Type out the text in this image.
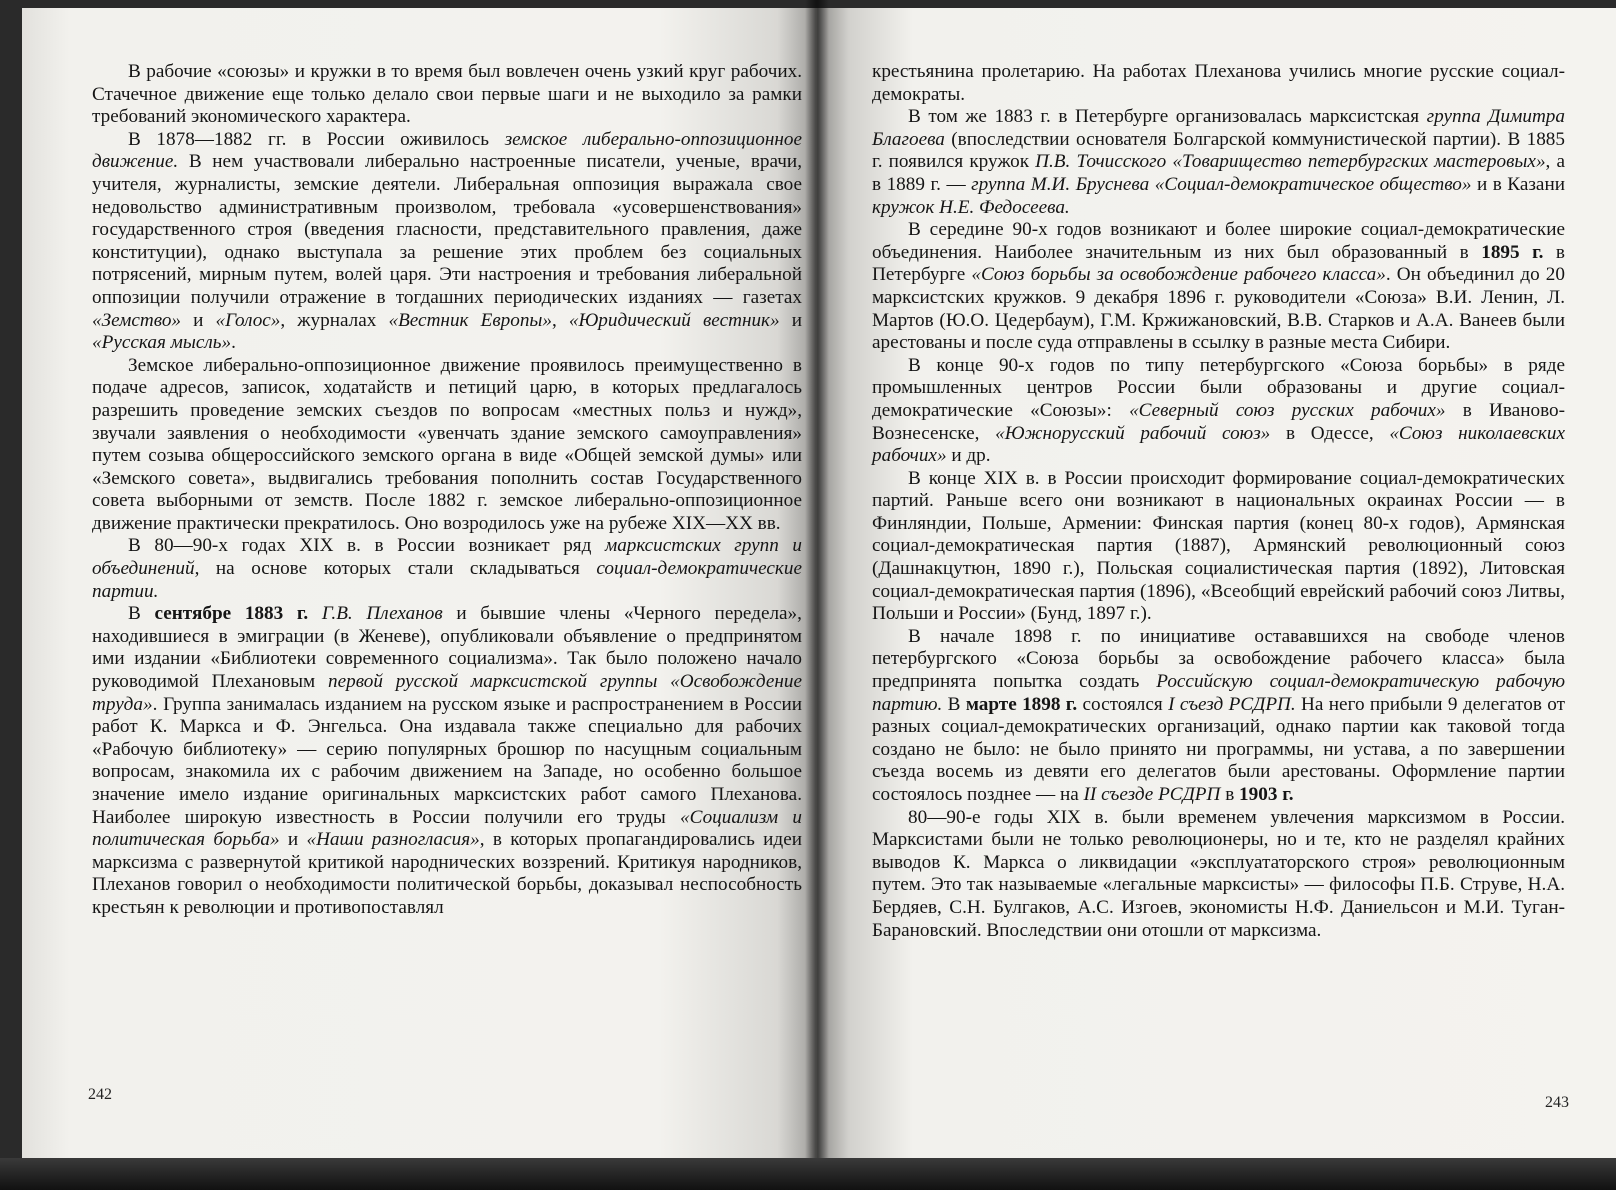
В рабочие «союзы» и кружки в то время был вовлечен очень узкий круг рабочих. Стачечное движение еще только делало свои первые шаги и не выходило за рамки требований экономического характера.

В 1878—1882 гг. в России оживилось земское либерально-оппозиционное движение. В нем участвовали либерально настроенные писатели, ученые, врачи, учителя, журналисты, земские деятели. Либеральная оппозиция выражала свое недовольство административным произволом, требовала «усовершенствования» государственного строя (введения гласности, представительного правления, даже конституции), однако выступала за решение этих проблем без социальных потрясений, мирным путем, волей царя. Эти настроения и требования либеральной оппозиции получили отражение в тогдашних периодических изданиях — газетах «Земство» и «Голос», журналах «Вестник Европы», «Юридический вестник» и «Русская мысль».

Земское либерально-оппозиционное движение проявилось преимущественно в подаче адресов, записок, ходатайств и петиций царю, в которых предлагалось разрешить проведение земских съездов по вопросам «местных польз и нужд», звучали заявления о необходимости «увенчать здание земского самоуправления» путем созыва общероссийского земского органа в виде «Общей земской думы» или «Земского совета», выдвигались требования пополнить состав Государственного совета выборными от земств. После 1882 г. земское либерально-оппозиционное движение практически прекратилось. Оно возродилось уже на рубеже XIX—XX вв.

В 80—90-х годах XIX в. в России возникает ряд марксистских групп и объединений, на основе которых стали складываться социал-демократические партии.

В сентябре 1883 г. Г.В. Плеханов и бывшие члены «Черного передела», находившиеся в эмиграции (в Женеве), опубликовали объявление о предпринятом ими издании «Библиотеки современного социализма». Так было положено начало руководимой Плехановым первой русской марксистской группы «Освобождение труда». Группа занималась изданием на русском языке и распространением в России работ К. Маркса и Ф. Энгельса. Она издавала также специально для рабочих «Рабочую библиотеку» — серию популярных брошюр по насущным социальным вопросам, знакомила их с рабочим движением на Западе, но особенно большое значение имело издание оригинальных марксистских работ самого Плеханова. Наиболее широкую известность в России получили его труды «Социализм и политическая борьба» и «Наши разногласия», в которых пропагандировались идеи марксизма с развернутой критикой народнических воззрений. Критикуя народников, Плеханов говорил о необходимости политической борьбы, доказывал неспособность крестьян к революции и противопоставлял

242

крестьянина пролетарию. На работах Плеханова учились многие русские социал-демократы.

В том же 1883 г. в Петербурге организовалась марксистская группа Димитра Благоева (впоследствии основателя Болгарской коммунистической партии). В 1885 г. появился кружок П.В. Точисского «Товарищество петербургских мастеровых», а в 1889 г. — группа М.И. Бруснева «Социал-демократическое общество» и в Казани кружок Н.Е. Федосеева.

В середине 90-х годов возникают и более широкие социал-демократические объединения. Наиболее значительным из них был образованный в 1895 г. в Петербурге «Союз борьбы за освобождение рабочего класса». Он объединил до 20 марксистских кружков. 9 декабря 1896 г. руководители «Союза» В.И. Ленин, Л. Мартов (Ю.О. Цедербаум), Г.М. Кржижановский, В.В. Старков и А.А. Ванеев были арестованы и после суда отправлены в ссылку в разные места Сибири.

В конце 90-х годов по типу петербургского «Союза борьбы» в ряде промышленных центров России были образованы и другие социал-демократические «Союзы»: «Северный союз русских рабочих» в Иваново-Вознесенске, «Южнорусский рабочий союз» в Одессе, «Союз николаевских рабочих» и др.

В конце XIX в. в России происходит формирование социал-демократических партий. Раньше всего они возникают в национальных окраинах России — в Финляндии, Польше, Армении: Финская партия (конец 80-х годов), Армянская социал-демократическая партия (1887), Армянский революционный союз (Дашнакцутюн, 1890 г.), Польская социалистическая партия (1892), Литовская социал-демократическая партия (1896), «Всеобщий еврейский рабочий союз Литвы, Польши и России» (Бунд, 1897 г.).

В начале 1898 г. по инициативе остававшихся на свободе членов петербургского «Союза борьбы за освобождение рабочего класса» была предпринята попытка создать Российскую социал-демократическую рабочую партию. В марте 1898 г. состоялся I съезд РСДРП. На него прибыли 9 делегатов от разных социал-демократических организаций, однако партии как таковой тогда создано не было: не было принято ни программы, ни устава, а по завершении съезда восемь из девяти его делегатов были арестованы. Оформление партии состоялось позднее — на II съезде РСДРП в 1903 г.

80—90-е годы XIX в. были временем увлечения марксизмом в России. Марксистами были не только революционеры, но и те, кто не разделял крайних выводов К. Маркса о ликвидации «эксплуататорского строя» революционным путем. Это так называемые «легальные марксисты» — философы П.Б. Струве, Н.А. Бердяев, С.Н. Булгаков, А.С. Изгоев, экономисты Н.Ф. Даниельсон и М.И. Туган-Барановский. Впоследствии они отошли от марксизма.

243
